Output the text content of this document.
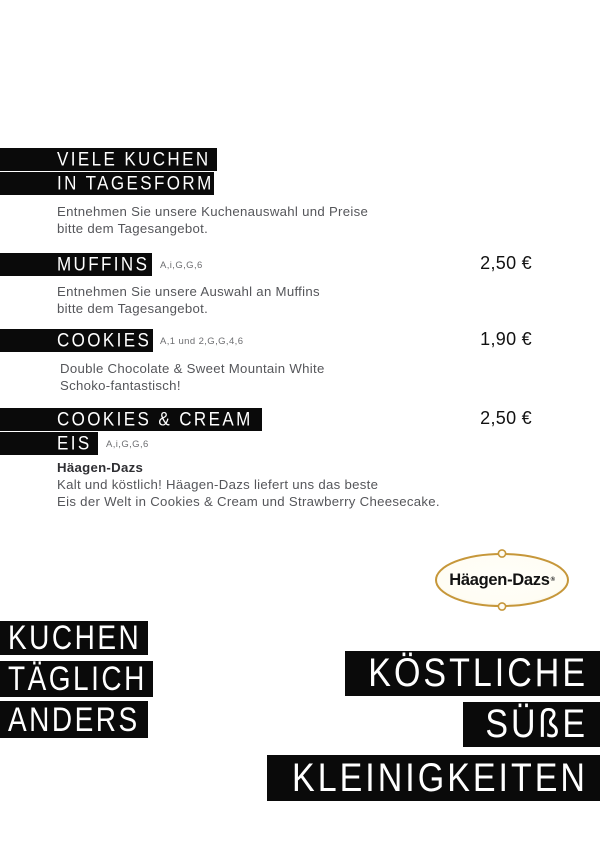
VIELE KUCHEN
IN TAGESFORM
Entnehmen Sie unsere Kuchenauswahl und Preise
bitte dem Tagesangebot.
MUFFINS A,i,G,G,6	2,50 €
Entnehmen Sie unsere Auswahl an Muffins
bitte dem Tagesangebot.
COOKIES A,1 und 2,G,G,4,6	1,90 €
Double Chocolate & Sweet Mountain White
Schoko-fantastisch!
COOKIES & CREAM
EIS A,i,G,G,6
2,50 €
Häagen-Dazs
Kalt und köstlich! Häagen-Dazs liefert uns das beste
Eis der Welt in Cookies & Cream und Strawberry Cheesecake.
Häagen-Dazs ®
KUCHEN
TÄGLICH
ANDERS
KÖSTLICHE
SÜßE
KLEINIGKEITEN
